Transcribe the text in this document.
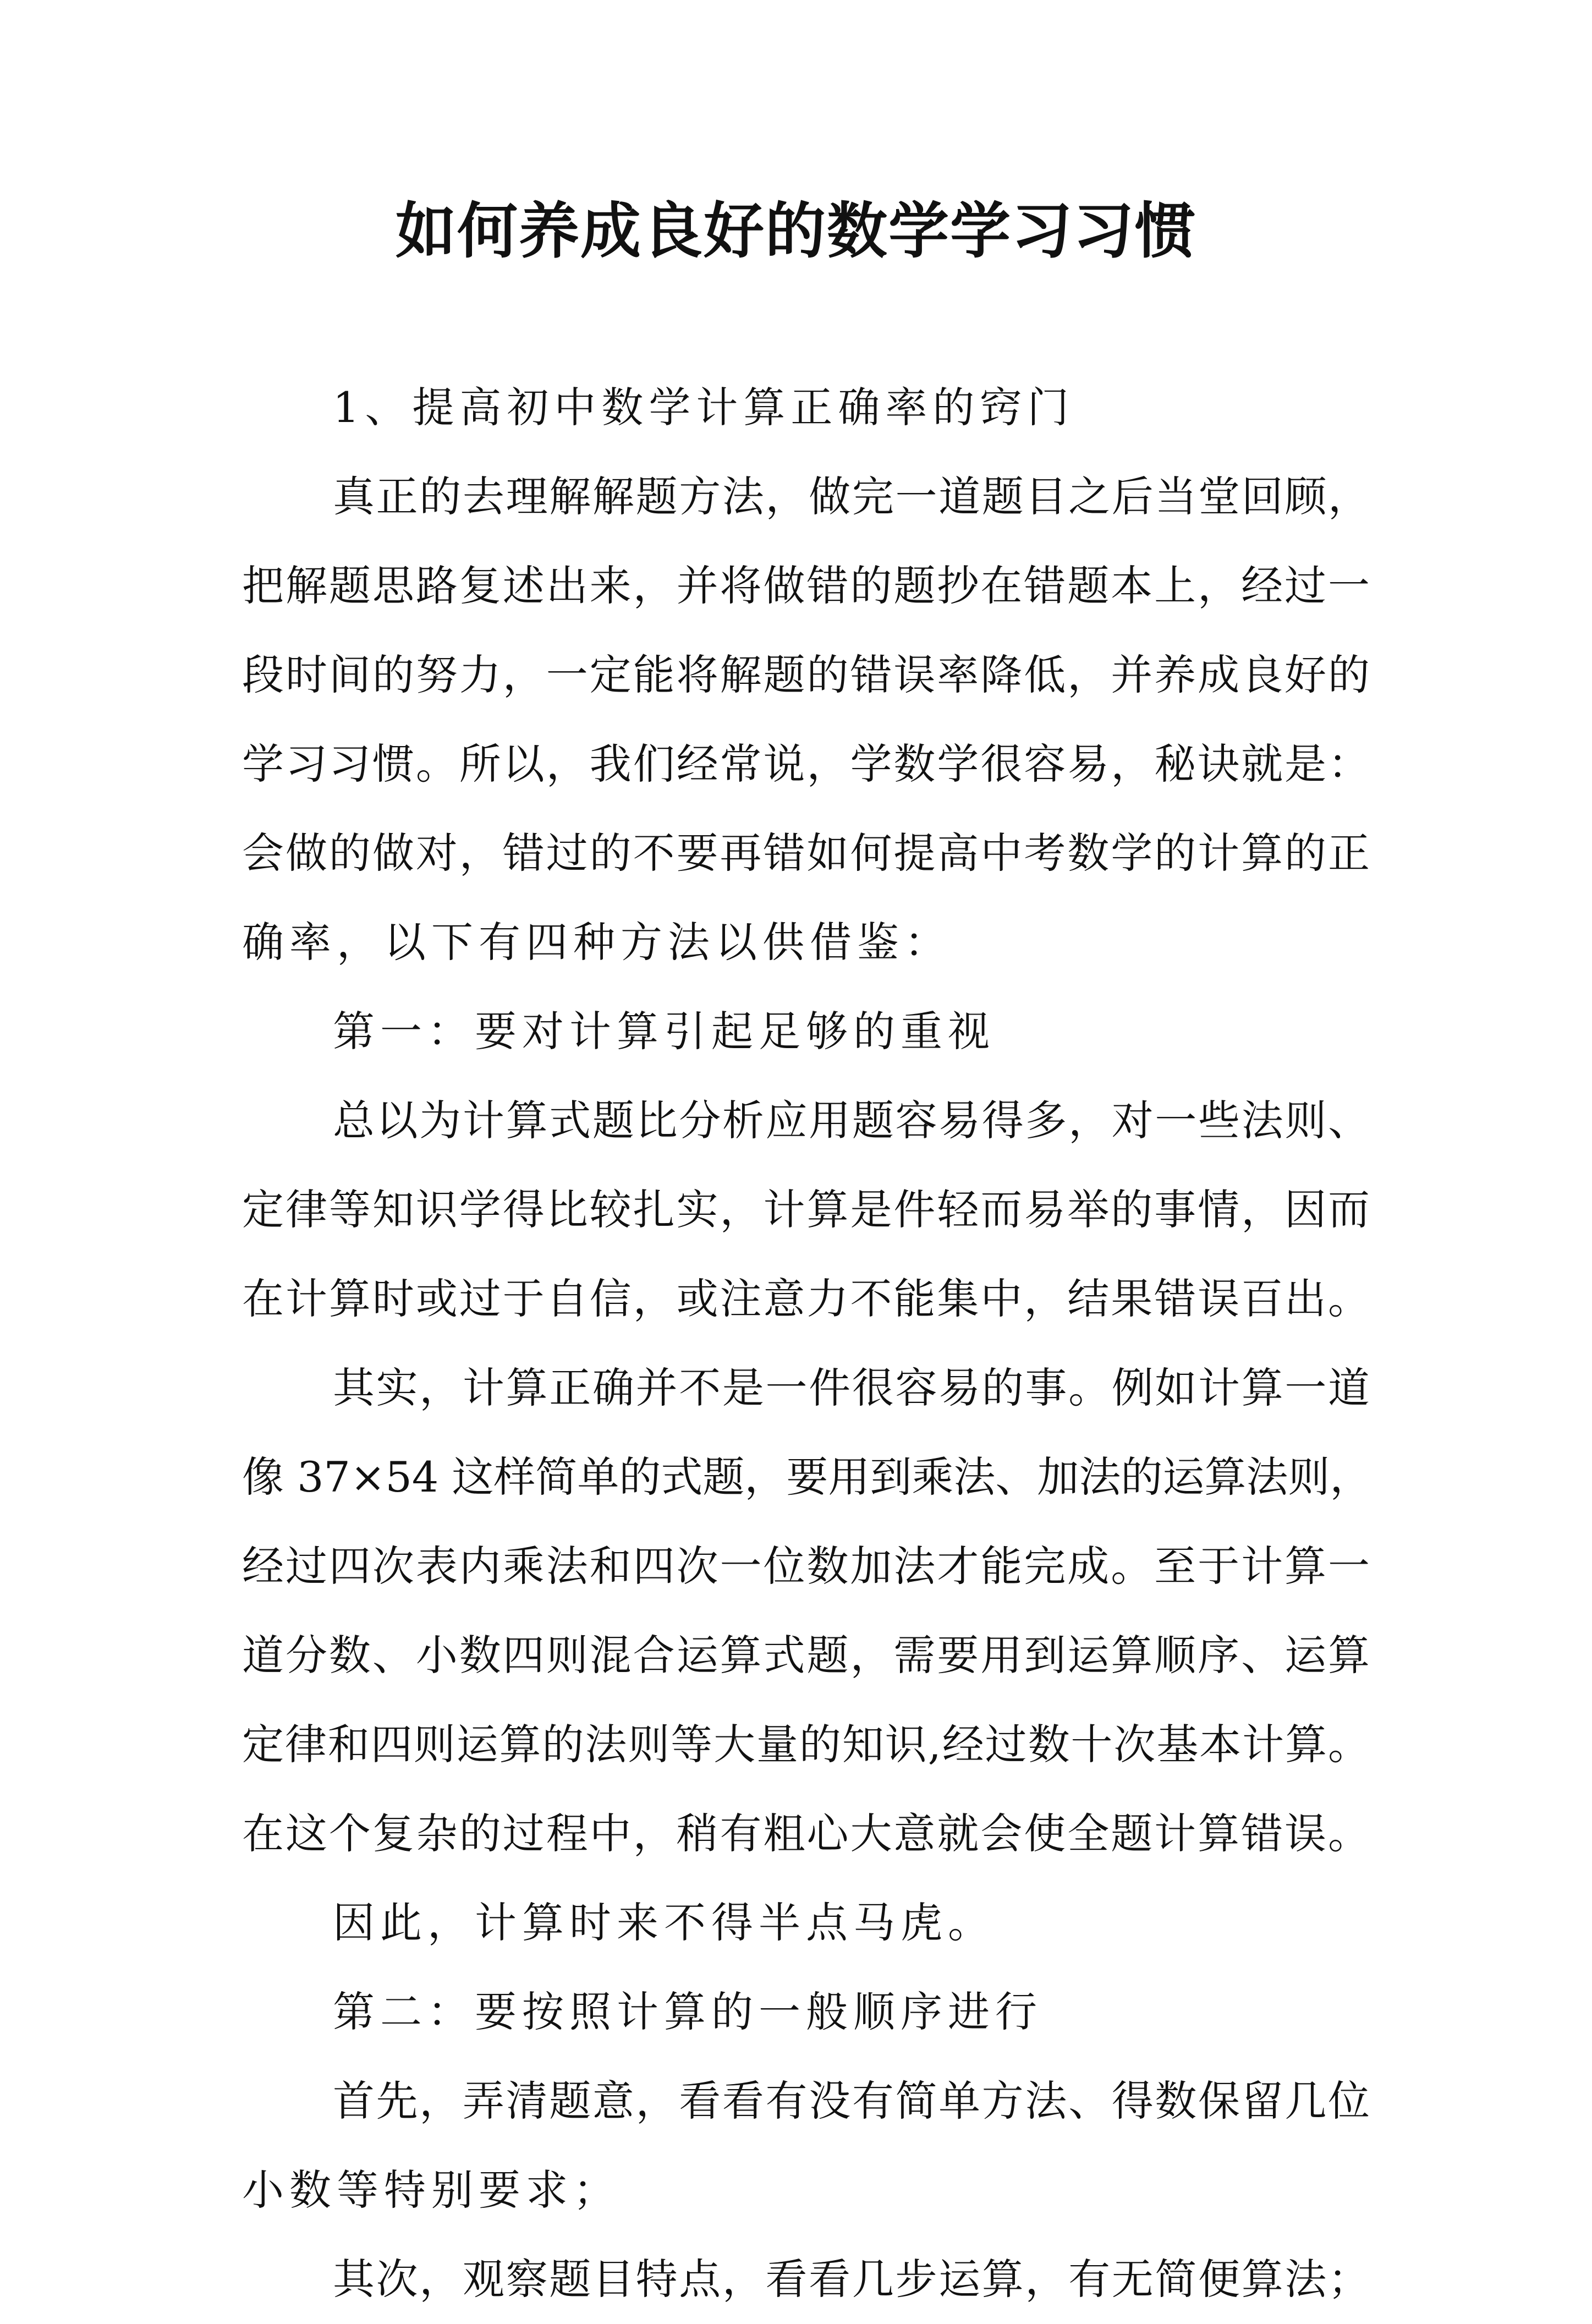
如何养成良好的数学学习习惯
1、提高初中数学计算正确率的窍门
真正的去理解解题方法，做完一道题目之后当堂回顾，
把解题思路复述出来，并将做错的题抄在错题本上，经过一
段时间的努力，一定能将解题的错误率降低，并养成良好的
学习习惯。所以，我们经常说，学数学很容易，秘诀就是：
会做的做对，错过的不要再错如何提高中考数学的计算的正
确率，以下有四种方法以供借鉴：
第一：要对计算引起足够的重视
总以为计算式题比分析应用题容易得多，对一些法则、
定律等知识学得比较扎实，计算是件轻而易举的事情，因而
在计算时或过于自信，或注意力不能集中，结果错误百出。
其实，计算正确并不是一件很容易的事。例如计算一道
像 37×54 这样简单的式题，要用到乘法、加法的运算法则，
经过四次表内乘法和四次一位数加法才能完成。至于计算一
道分数、小数四则混合运算式题，需要用到运算顺序、运算
定律和四则运算的法则等大量的知识,经过数十次基本计算。
在这个复杂的过程中，稍有粗心大意就会使全题计算错误。
因此，计算时来不得半点马虎。
第二：要按照计算的一般顺序进行
首先，弄清题意，看看有没有简单方法、得数保留几位
小数等特别要求；
其次，观察题目特点，看看几步运算，有无简便算法；
